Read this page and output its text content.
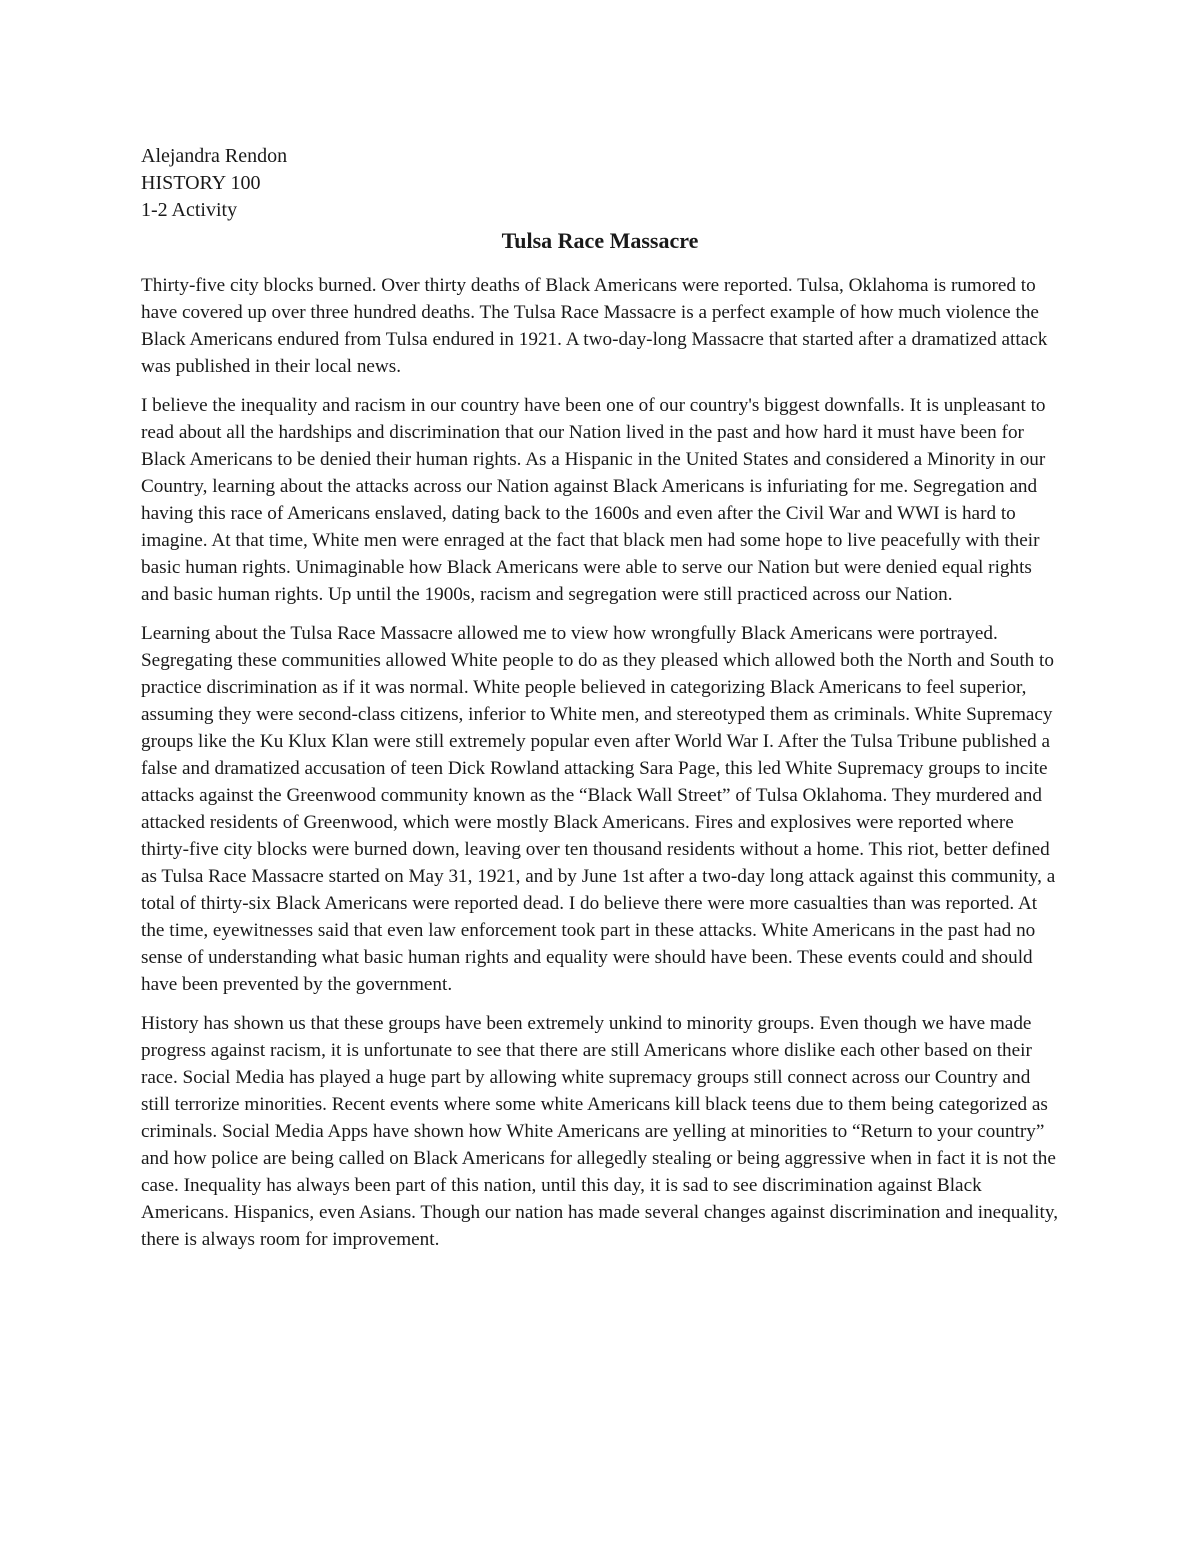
Alejandra Rendon
HISTORY 100
1-2 Activity
Tulsa Race Massacre

Thirty-five city blocks burned. Over thirty deaths of Black Americans were reported. Tulsa, Oklahoma is rumored to have covered up over three hundred deaths. The Tulsa Race Massacre is a perfect example of how much violence the Black Americans endured from Tulsa endured in 1921. A two-day-long Massacre that started after a dramatized attack was published in their local news.

I believe the inequality and racism in our country have been one of our country's biggest downfalls. It is unpleasant to read about all the hardships and discrimination that our Nation lived in the past and how hard it must have been for Black Americans to be denied their human rights. As a Hispanic in the United States and considered a Minority in our Country, learning about the attacks across our Nation against Black Americans is infuriating for me. Segregation and having this race of Americans enslaved, dating back to the 1600s and even after the Civil War and WWI is hard to imagine. At that time, White men were enraged at the fact that black men had some hope to live peacefully with their basic human rights. Unimaginable how Black Americans were able to serve our Nation but were denied equal rights and basic human rights. Up until the 1900s, racism and segregation were still practiced across our Nation.

Learning about the Tulsa Race Massacre allowed me to view how wrongfully Black Americans were portrayed. Segregating these communities allowed White people to do as they pleased which allowed both the North and South to practice discrimination as if it was normal. White people believed in categorizing Black Americans to feel superior, assuming they were second-class citizens, inferior to White men, and stereotyped them as criminals. White Supremacy groups like the Ku Klux Klan were still extremely popular even after World War I. After the Tulsa Tribune published a false and dramatized accusation of teen Dick Rowland attacking Sara Page, this led White Supremacy groups to incite attacks against the Greenwood community known as the “Black Wall Street” of Tulsa Oklahoma. They murdered and attacked residents of Greenwood, which were mostly Black Americans. Fires and explosives were reported where thirty-five city blocks were burned down, leaving over ten thousand residents without a home. This riot, better defined as Tulsa Race Massacre started on May 31, 1921, and by June 1st after a two-day long attack against this community, a total of thirty-six Black Americans were reported dead. I do believe there were more casualties than was reported. At the time, eyewitnesses said that even law enforcement took part in these attacks. White Americans in the past had no sense of understanding what basic human rights and equality were should have been. These events could and should have been prevented by the government.

History has shown us that these groups have been extremely unkind to minority groups. Even though we have made progress against racism, it is unfortunate to see that there are still Americans whore dislike each other based on their race. Social Media has played a huge part by allowing white supremacy groups still connect across our Country and still terrorize minorities. Recent events where some white Americans kill black teens due to them being categorized as criminals. Social Media Apps have shown how White Americans are yelling at minorities to “Return to your country” and how police are being called on Black Americans for allegedly stealing or being aggressive when in fact it is not the case. Inequality has always been part of this nation, until this day, it is sad to see discrimination against Black Americans. Hispanics, even Asians. Though our nation has made several changes against discrimination and inequality, there is always room for improvement.
